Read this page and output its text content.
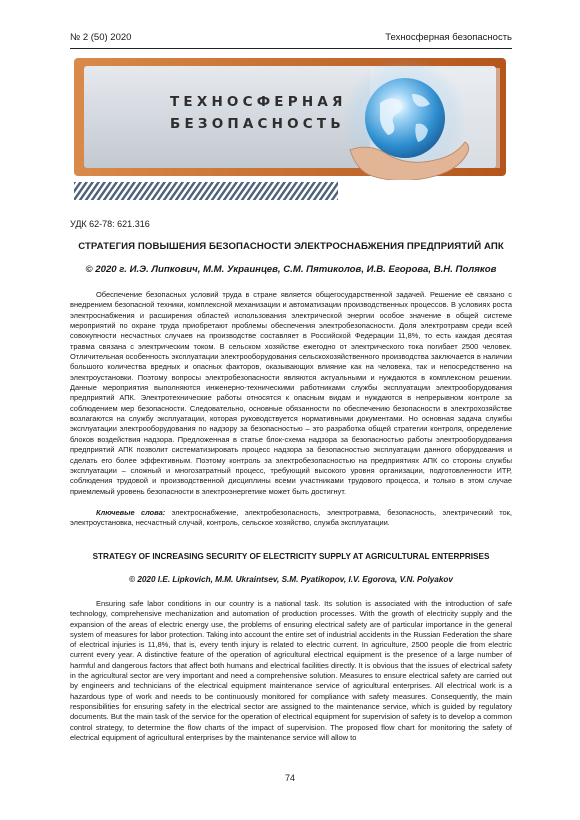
№ 2 (50) 2020	Техносферная безопасность
ТЕХНОСФЕРНАЯ
БЕЗОПАСНОСТЬ
УДК 62-78: 621.316
СТРАТЕГИЯ ПОВЫШЕНИЯ БЕЗОПАСНОСТИ ЭЛЕКТРОСНАБЖЕНИЯ ПРЕДПРИЯТИЙ АПК
© 2020 г. И.Э. Липкович, М.М. Украинцев, С.М. Пятиколов, И.В. Егорова, В.Н. Поляков

Обеспечение безопасных условий труда в стране является общегосударственной задачей. Решение её связано с внедрением безопасной техники, комплексной механизации и автоматизации производственных процессов. В условиях роста электроснабжения и расширения областей использования электрической энергии особое значение в общей системе мероприятий по охране труда приобретают проблемы обеспечения электробезопасности. Доля электротравм среди всей совокупности несчастных случаев на производстве составляет в Российской Федерации 11,8%, то есть каждая десятая травма связана с электрическим током. В сельском хозяйстве ежегодно от электрического тока погибает 2500 человек. Отличительная особенность эксплуатации электрооборудования сельскохозяйственного производства заключается в наличии большого количества вредных и опасных факторов, оказывающих влияние как на человека, так и непосредственно на электроустановки. Поэтому вопросы электробезопасности являются актуальными и нуждаются в комплексном решении. Данные мероприятия выполняются инженерно-техническими работниками службы эксплуатации электрооборудования предприятий АПК. Электротехнические работы относятся к опасным видам и нуждаются в непрерывном контроле за соблюдением мер безопасности. Следовательно, основные обязанности по обеспечению безопасности в электрохозяйстве возлагаются на службу эксплуатации, которая руководствуется нормативными документами. Но основная задача службы эксплуатации электрооборудования по надзору за безопасностью – это разработка общей стратегии контроля, определение блоков воздействия надзора. Предложенная в статье блок-схема надзора за безопасностью работы электрооборудования предприятий АПК позволит систематизировать процесс надзора за безопасностью эксплуатации данного оборудования и сделать его более эффективным. Поэтому контроль за электробезопасностью на предприятиях АПК со стороны службы эксплуатации – сложный и многозатратный процесс, требующий высокого уровня организации, подготовленности ИТР, соблюдения трудовой и производственной дисциплины всеми участниками трудового процесса, и только в этом случае приемлемый уровень безопасности в электроэнергетике может быть достигнут.

Ключевые слова: электроснабжение, электробезопасность, электротравма, безопасность, электрический ток, электроустановка, несчастный случай, контроль, сельское хозяйство, служба эксплуатации.

STRATEGY OF INCREASING SECURITY OF ELECTRICITY SUPPLY AT AGRICULTURAL ENTERPRISES
© 2020 I.E. Lipkovich, M.M. Ukraintsev, S.M. Pyatikopov, I.V. Egorova, V.N. Polyakov

Ensuring safe labor conditions in our country is a national task. Its solution is associated with the introduction of safe technology, comprehensive mechanization and automation of production processes. With the growth of electricity supply and the expansion of the areas of electric energy use, the problems of ensuring electrical safety are of particular importance in the general system of measures for labor protection. Taking into account the entire set of industrial accidents in the Russian Federation the share of electrical injuries is 11,8%, that is, every tenth injury is related to electric current. In agriculture, 2500 people die from electric current every year. A distinctive feature of the operation of agricultural electrical equipment is the presence of a large number of harmful and dangerous factors that affect both humans and electrical facilities directly. It is obvious that the issues of electrical safety in the agricultural sector are very important and need a comprehensive solution. Measures to ensure electrical safety are carried out by engineers and technicians of the electrical equipment maintenance service of agricultural enterprises. All electrical work is a hazardous type of work and needs to be continuously monitored for compliance with safety measures. Consequently, the main responsibilities for ensuring safety in the electrical sector are assigned to the maintenance service, which is guided by regulatory documents. But the main task of the service for the operation of electrical equipment for supervision of safety is to develop a common control strategy, to determine the flow charts of the impact of supervision. The proposed flow chart for monitoring the safety of electrical equipment of agricultural enterprises by the maintenance service will allow to

74
